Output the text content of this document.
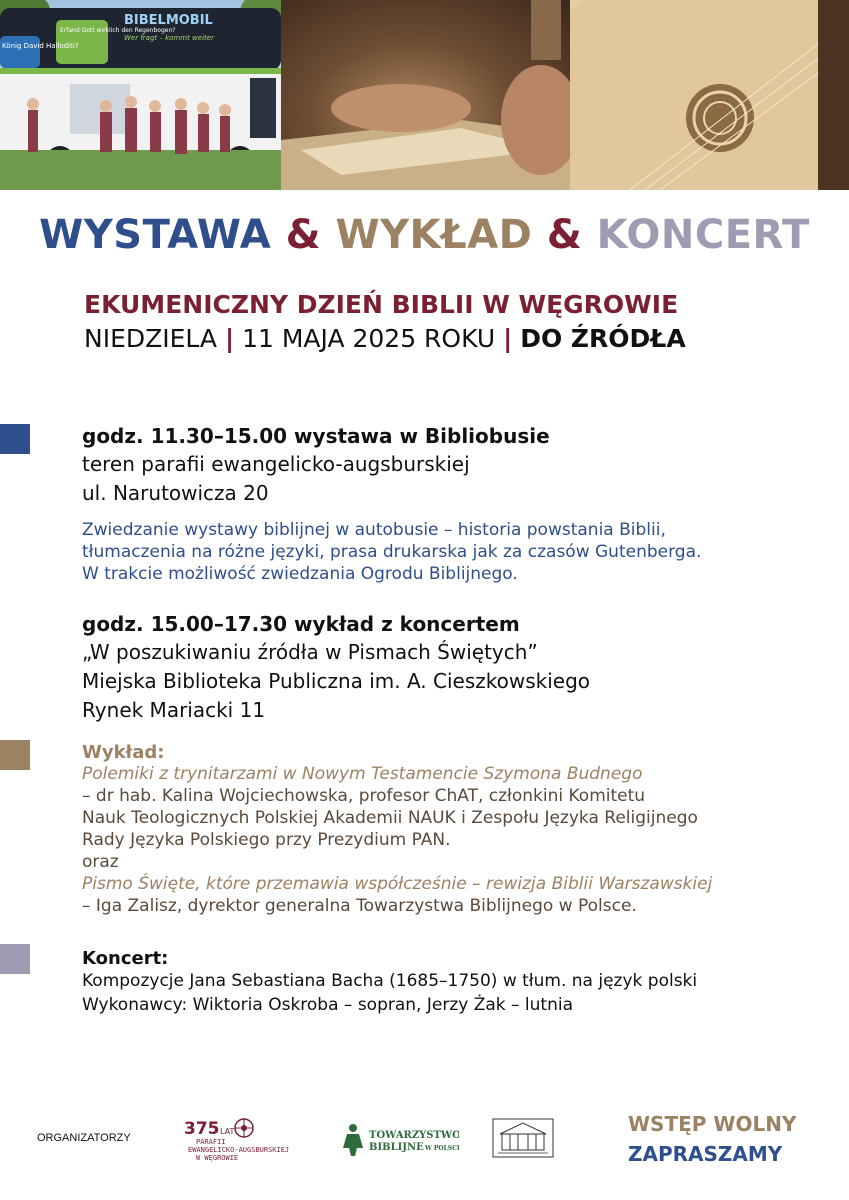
König David Halloditi?
Erfand Gott wirklich den Regenbogen?
BIBELMOBIL
Wer fragt – kommt weiter
WYSTAWA & WYKŁAD & KONCERT
EKUMENICZNY DZIEŃ BIBLII W WĘGROWIE
NIEDZIELA | 11 MAJA 2025 ROKU | DO ŹRÓDŁA
godz. 11.30–15.00 wystawa w Bibliobusie
teren parafii ewangelicko-augsburskiej
ul. Narutowicza 20
Zwiedzanie wystawy biblijnej w autobusie – historia powstania Biblii,
tłumaczenia na różne języki, prasa drukarska jak za czasów Gutenberga.
W trakcie możliwość zwiedzania Ogrodu Biblijnego.
godz. 15.00–17.30 wykład z koncertem
„W poszukiwaniu źródła w Pismach Świętych”
Miejska Biblioteka Publiczna im. A. Cieszkowskiego
Rynek Mariacki 11
Wykład:
Polemiki z trynitarzami w Nowym Testamencie Szymona Budnego
– dr hab. Kalina Wojciechowska, profesor ChAT, członkini Komitetu
Nauk Teologicznych Polskiej Akademii NAUK i Zespołu Języka Religijnego
Rady Języka Polskiego przy Prezydium PAN.
oraz
Pismo Święte, które przemawia współcześnie – rewizja Biblii Warszawskiej
– Iga Zalisz, dyrektor generalna Towarzystwa Biblijnego w Polsce.
Koncert:
Kompozycje Jana Sebastiana Bacha (1685–1750) w tłum. na język polski
Wykonawcy: Wiktoria Oskroba – sopran, Jerzy Żak – lutnia
ORGANIZATORZY	375 LAT
PARAFII
EWANGELICKO-AUGSBURSKIEJ
W WĘGROWIE
TOWARZYSTWO
BIBLIJNE W POLSCE
WSTĘP WOLNY
ZAPRASZAMY
